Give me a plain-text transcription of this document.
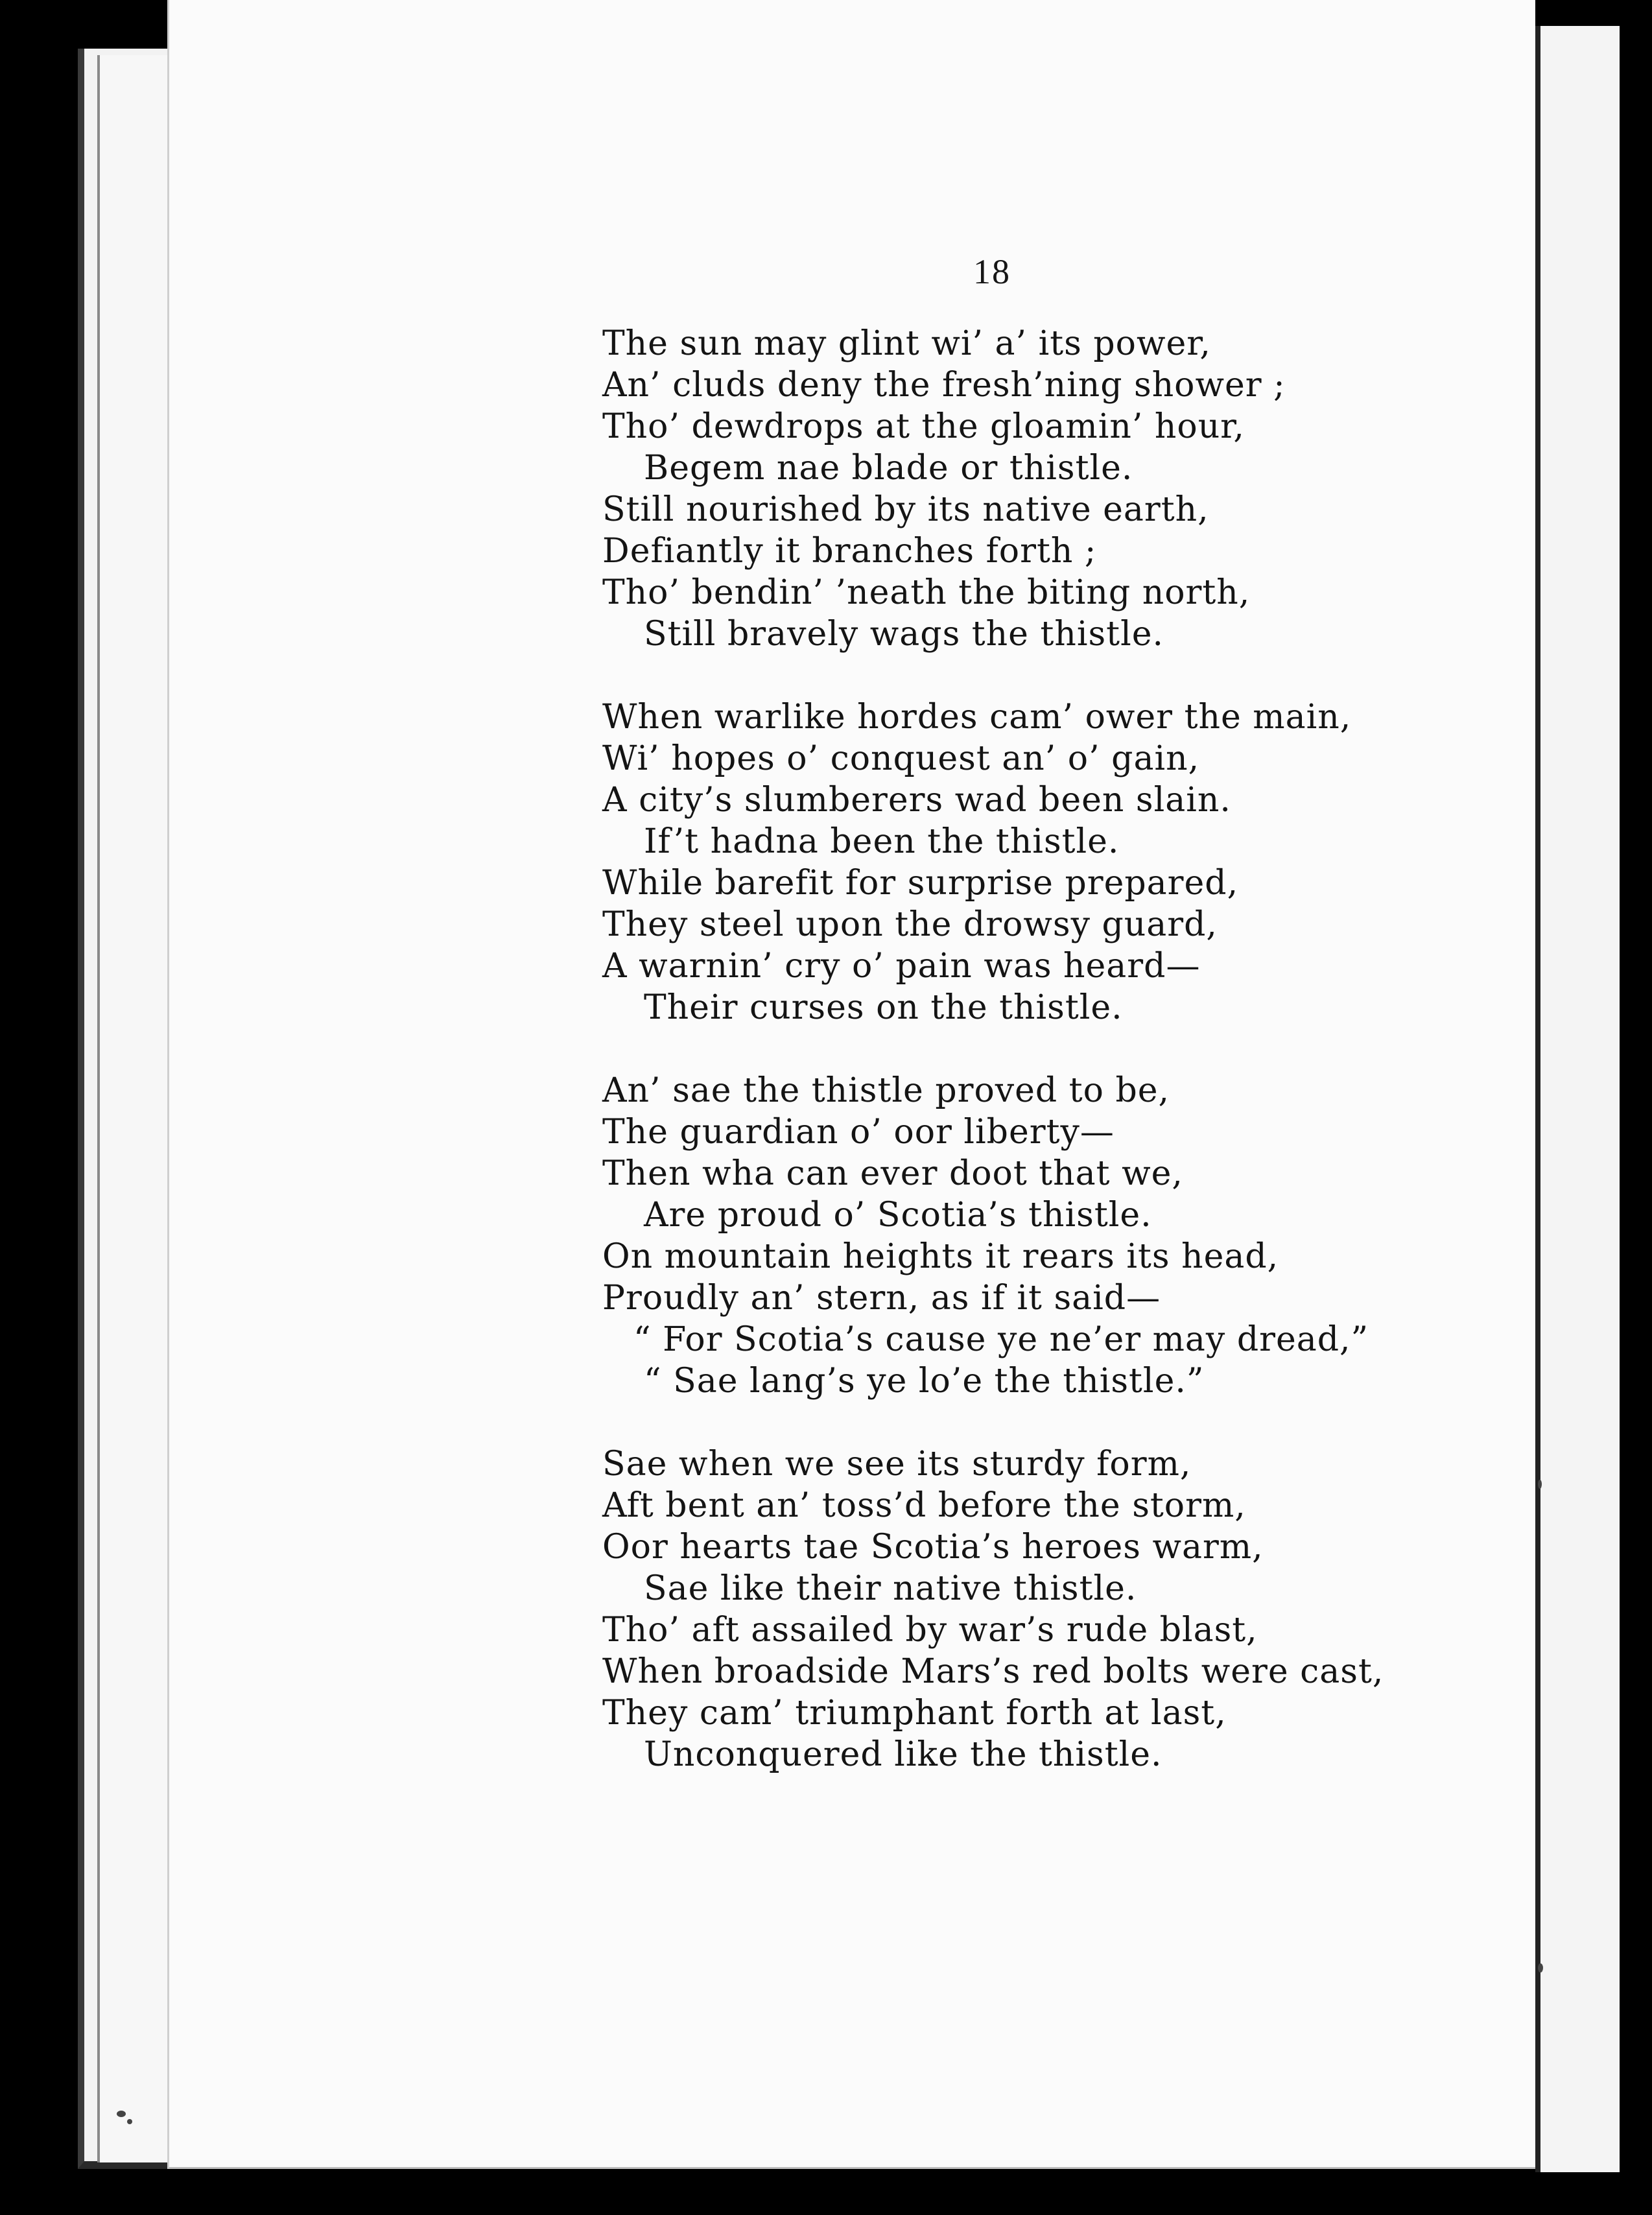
18
The sun may glint wi’ a’ its power,
An’ cluds deny the fresh’ning shower ;
Tho’ dewdrops at the gloamin’ hour,
Begem nae blade or thistle.
Still nourished by its native earth,
Defiantly it branches forth ;
Tho’ bendin’ ’neath the biting north,
Still bravely wags the thistle.
When warlike hordes cam’ ower the main,
Wi’ hopes o’ conquest an’ o’ gain,
A city’s slumberers wad been slain.
If’t hadna been the thistle.
While barefit for surprise prepared,
They steel upon the drowsy guard,
A warnin’ cry o’ pain was heard—
Their curses on the thistle.
An’ sae the thistle proved to be,
The guardian o’ oor liberty—
Then wha can ever doot that we,
Are proud o’ Scotia’s thistle.
On mountain heights it rears its head,
Proudly an’ stern, as if it said—
“ For Scotia’s cause ye ne’er may dread,”
“ Sae lang’s ye lo’e the thistle.”
Sae when we see its sturdy form,
Aft bent an’ toss’d before the storm,
Oor hearts tae Scotia’s heroes warm,
Sae like their native thistle.
Tho’ aft assailed by war’s rude blast,
When broadside Mars’s red bolts were cast,
They cam’ triumphant forth at last,
Unconquered like the thistle.
